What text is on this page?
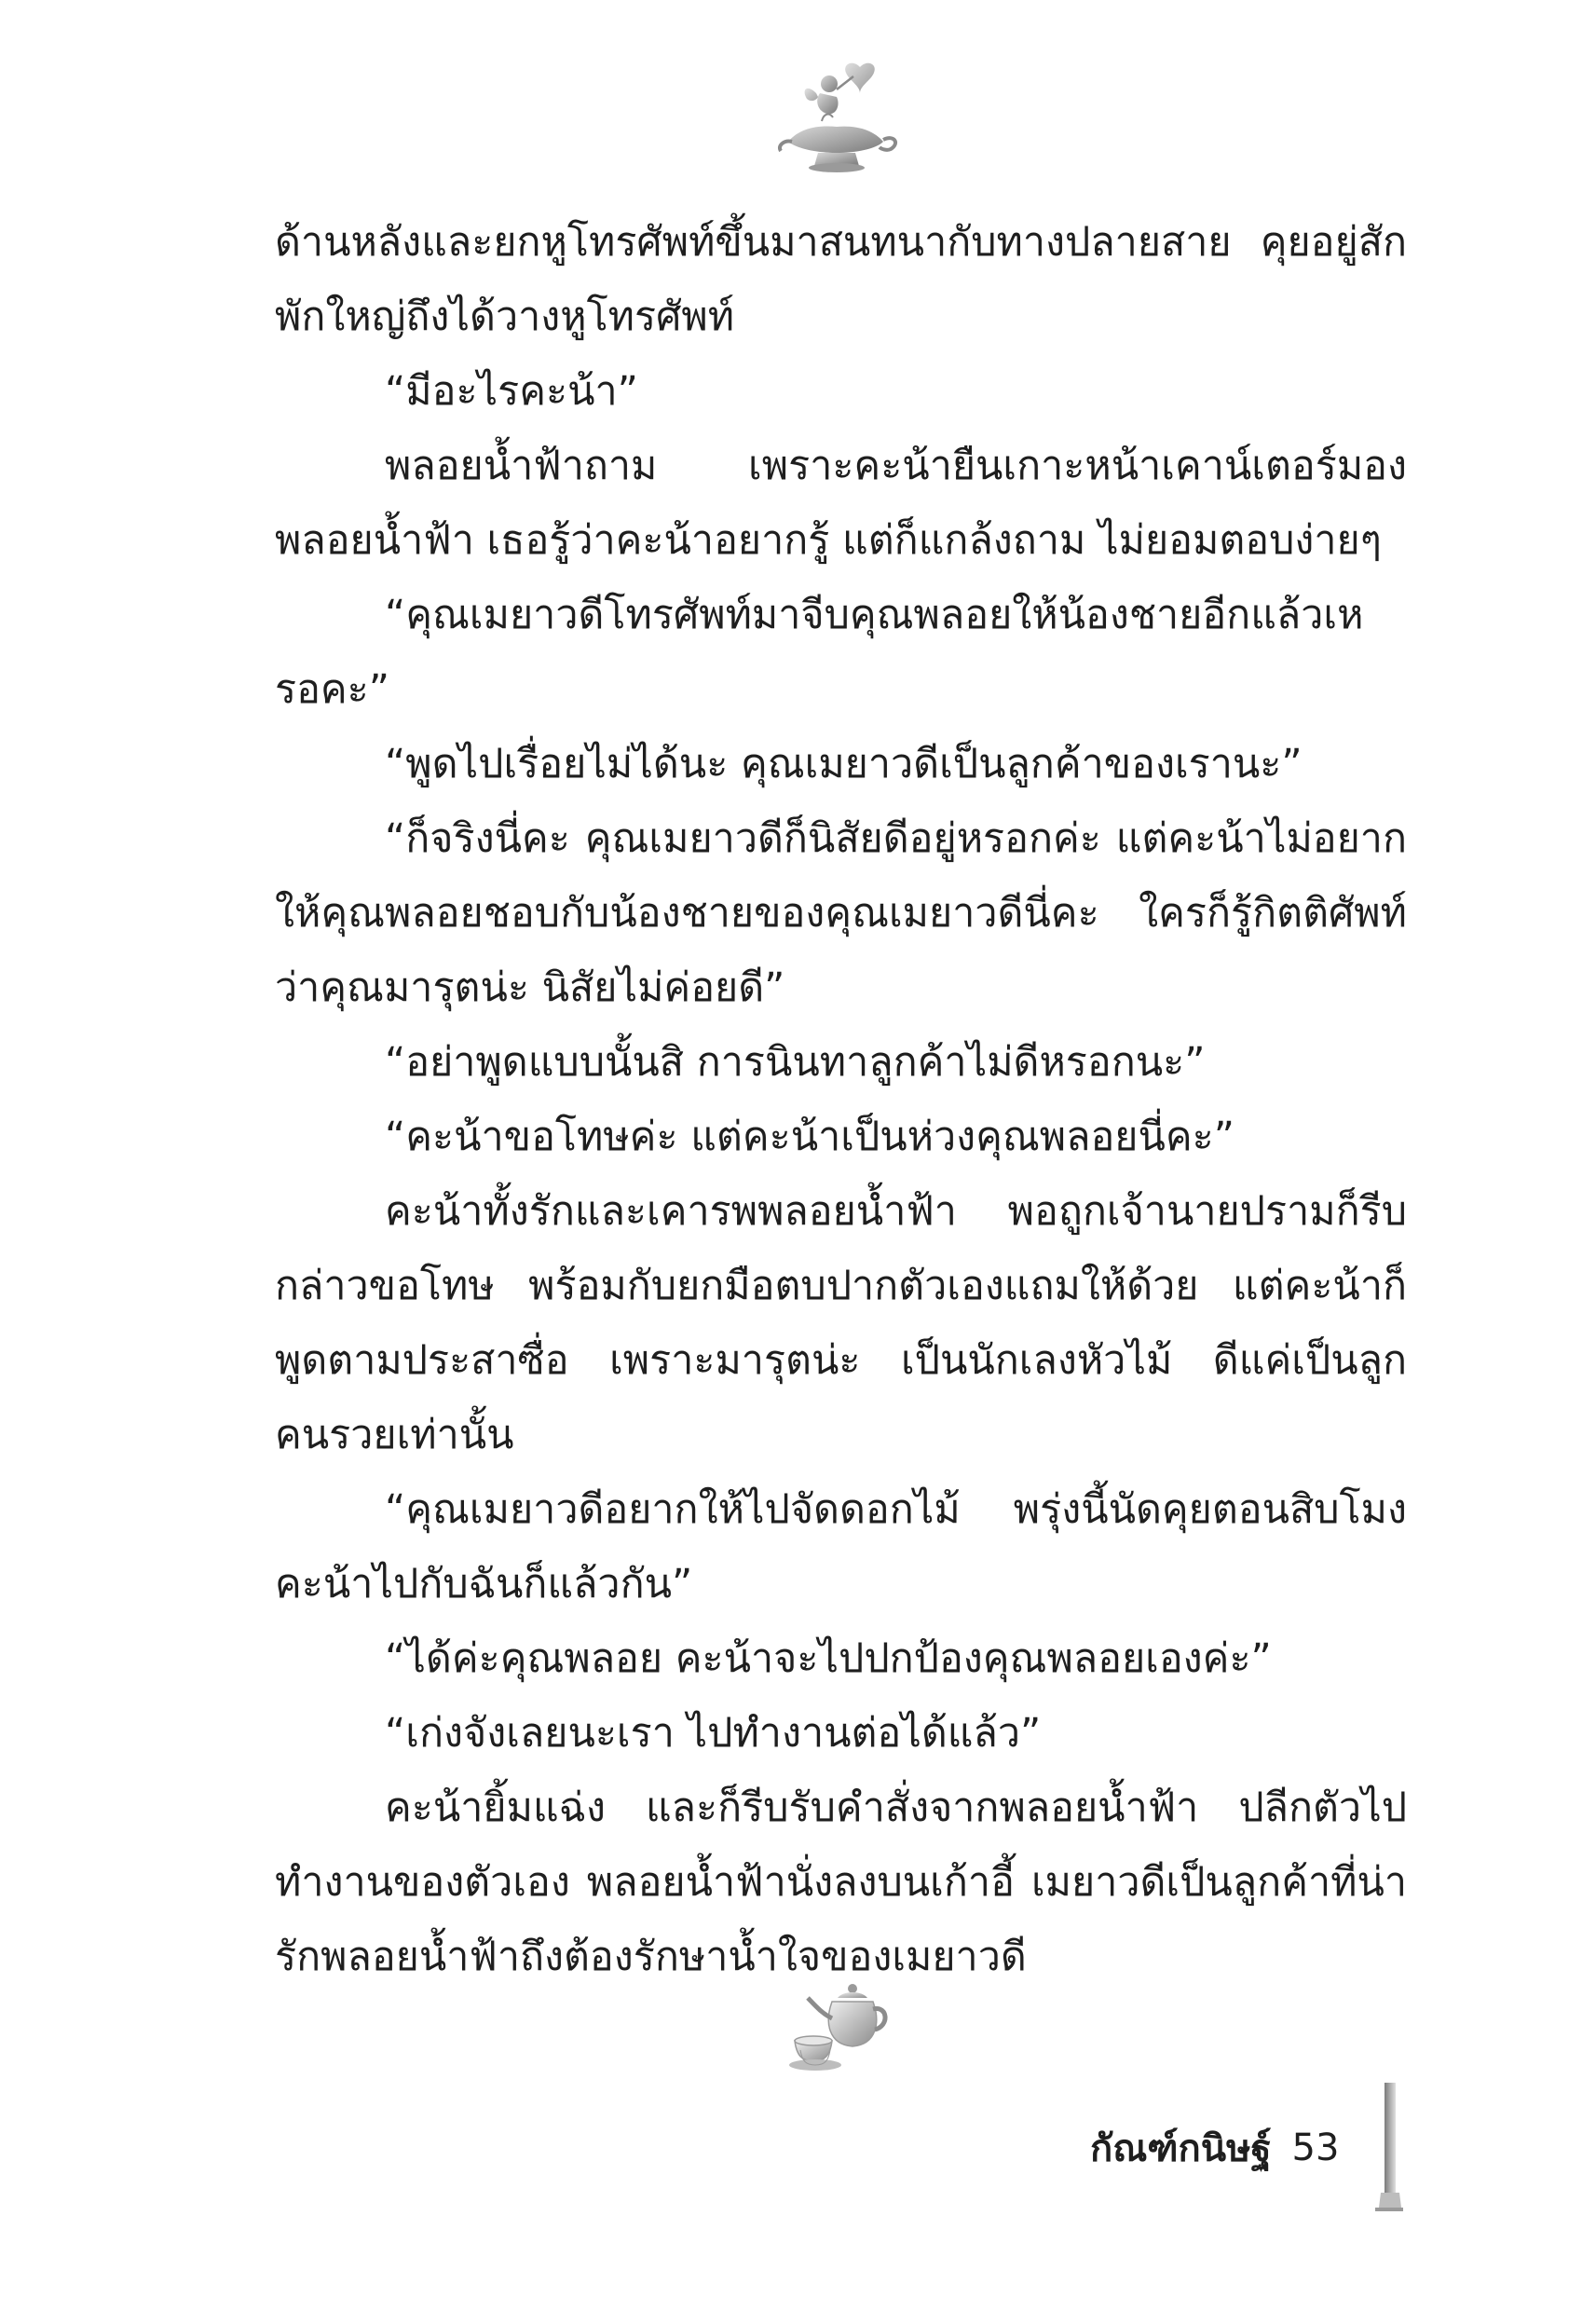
ด้านหลังและยกหูโทรศัพท์ขึ้นมาสนทนากับทางปลายสาย คุยอยู่สักพักใหญ่ถึงได้วางหูโทรศัพท์

“มีอะไรคะน้า”

พลอยน้ำฟ้าถาม เพราะคะน้ายืนเกาะหน้าเคาน์เตอร์มองพลอยน้ำฟ้า เธอรู้ว่าคะน้าอยากรู้ แต่ก็แกล้งถาม ไม่ยอมตอบง่ายๆ

“คุณเมยาวดีโทรศัพท์มาจีบคุณพลอยให้น้องชายอีกแล้วเหรอคะ”

“พูดไปเรื่อยไม่ได้นะ คุณเมยาวดีเป็นลูกค้าของเรานะ”

“ก็จริงนี่คะ คุณเมยาวดีก็นิสัยดีอยู่หรอกค่ะ แต่คะน้าไม่อยากให้คุณพลอยชอบกับน้องชายของคุณเมยาวดีนี่คะ ใครก็รู้กิตติศัพท์ว่าคุณมารุตน่ะ นิสัยไม่ค่อยดี”

“อย่าพูดแบบนั้นสิ การนินทาลูกค้าไม่ดีหรอกนะ”

“คะน้าขอโทษค่ะ แต่คะน้าเป็นห่วงคุณพลอยนี่คะ”

คะน้าทั้งรักและเคารพพลอยน้ำฟ้า พอถูกเจ้านายปรามก็รีบกล่าวขอโทษ พร้อมกับยกมือตบปากตัวเองแถมให้ด้วย แต่คะน้าก็พูดตามประสาซื่อ เพราะมารุตน่ะ เป็นนักเลงหัวไม้ ดีแค่เป็นลูกคนรวยเท่านั้น

“คุณเมยาวดีอยากให้ไปจัดดอกไม้ พรุ่งนี้นัดคุยตอนสิบโมงคะน้าไปกับฉันก็แล้วกัน”

“ได้ค่ะคุณพลอย คะน้าจะไปปกป้องคุณพลอยเองค่ะ”

“เก่งจังเลยนะเรา ไปทำงานต่อได้แล้ว”

คะน้ายิ้มแฉ่ง และก็รีบรับคำสั่งจากพลอยน้ำฟ้า ปลีกตัวไปทำงานของตัวเอง พลอยน้ำฟ้านั่งลงบนเก้าอี้ เมยาวดีเป็นลูกค้าที่น่ารักพลอยน้ำฟ้าถึงต้องรักษาน้ำใจของเมยาวดี

กัณฑ์กนิษฐ์ 53
